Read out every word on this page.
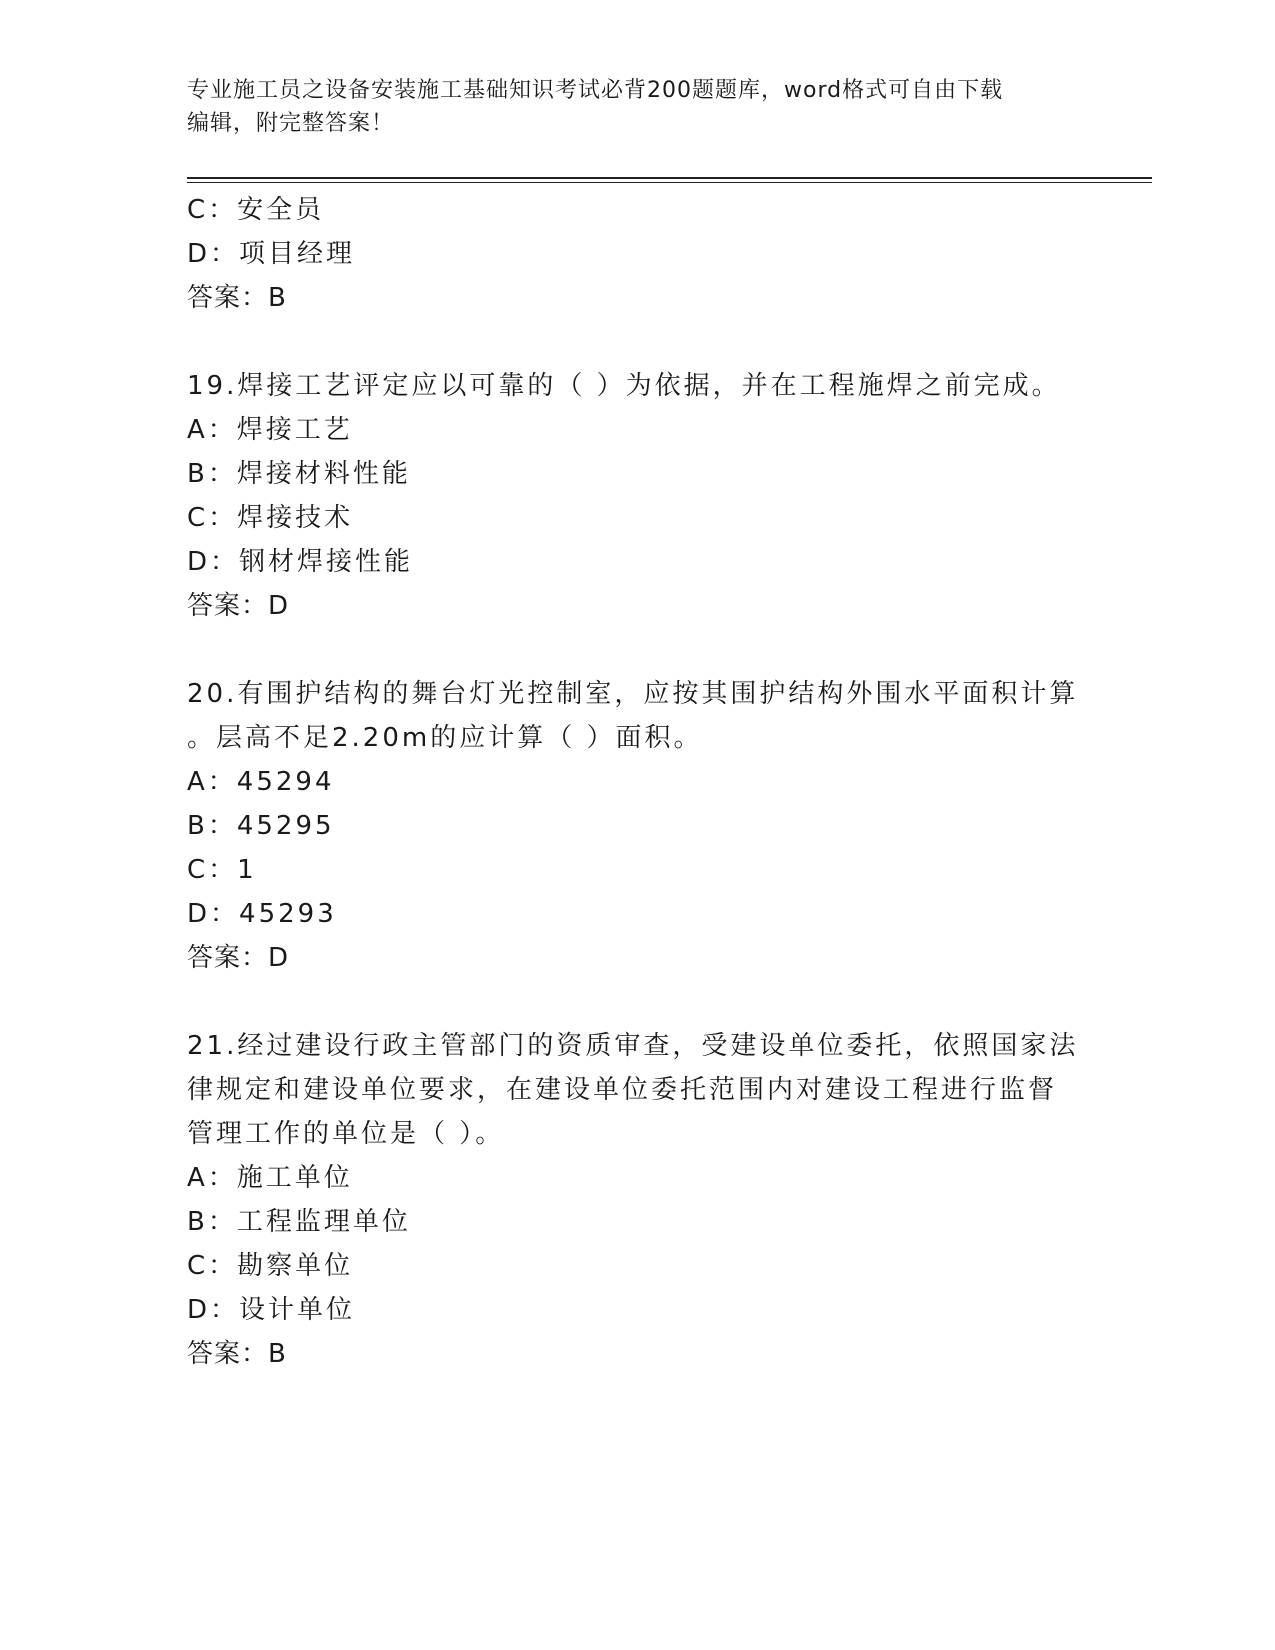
专业施工员之设备安装施工基础知识考试必背200题题库，word格式可自由下载
编辑，附完整答案！
C：安全员
D：项目经理
答案：B
19.焊接工艺评定应以可靠的（ ）为依据，并在工程施焊之前完成。
A：焊接工艺
B：焊接材料性能
C：焊接技术
D：钢材焊接性能
答案：D
20.有围护结构的舞台灯光控制室，应按其围护结构外围水平面积计算
。层高不足2.20m的应计算（ ）面积。
A：45294
B：45295
C：1
D：45293
答案：D
21.经过建设行政主管部门的资质审查，受建设单位委托，依照国家法
律规定和建设单位要求，在建设单位委托范围内对建设工程进行监督
管理工作的单位是（ ）。
A：施工单位
B：工程监理单位
C：勘察单位
D：设计单位
答案：B
